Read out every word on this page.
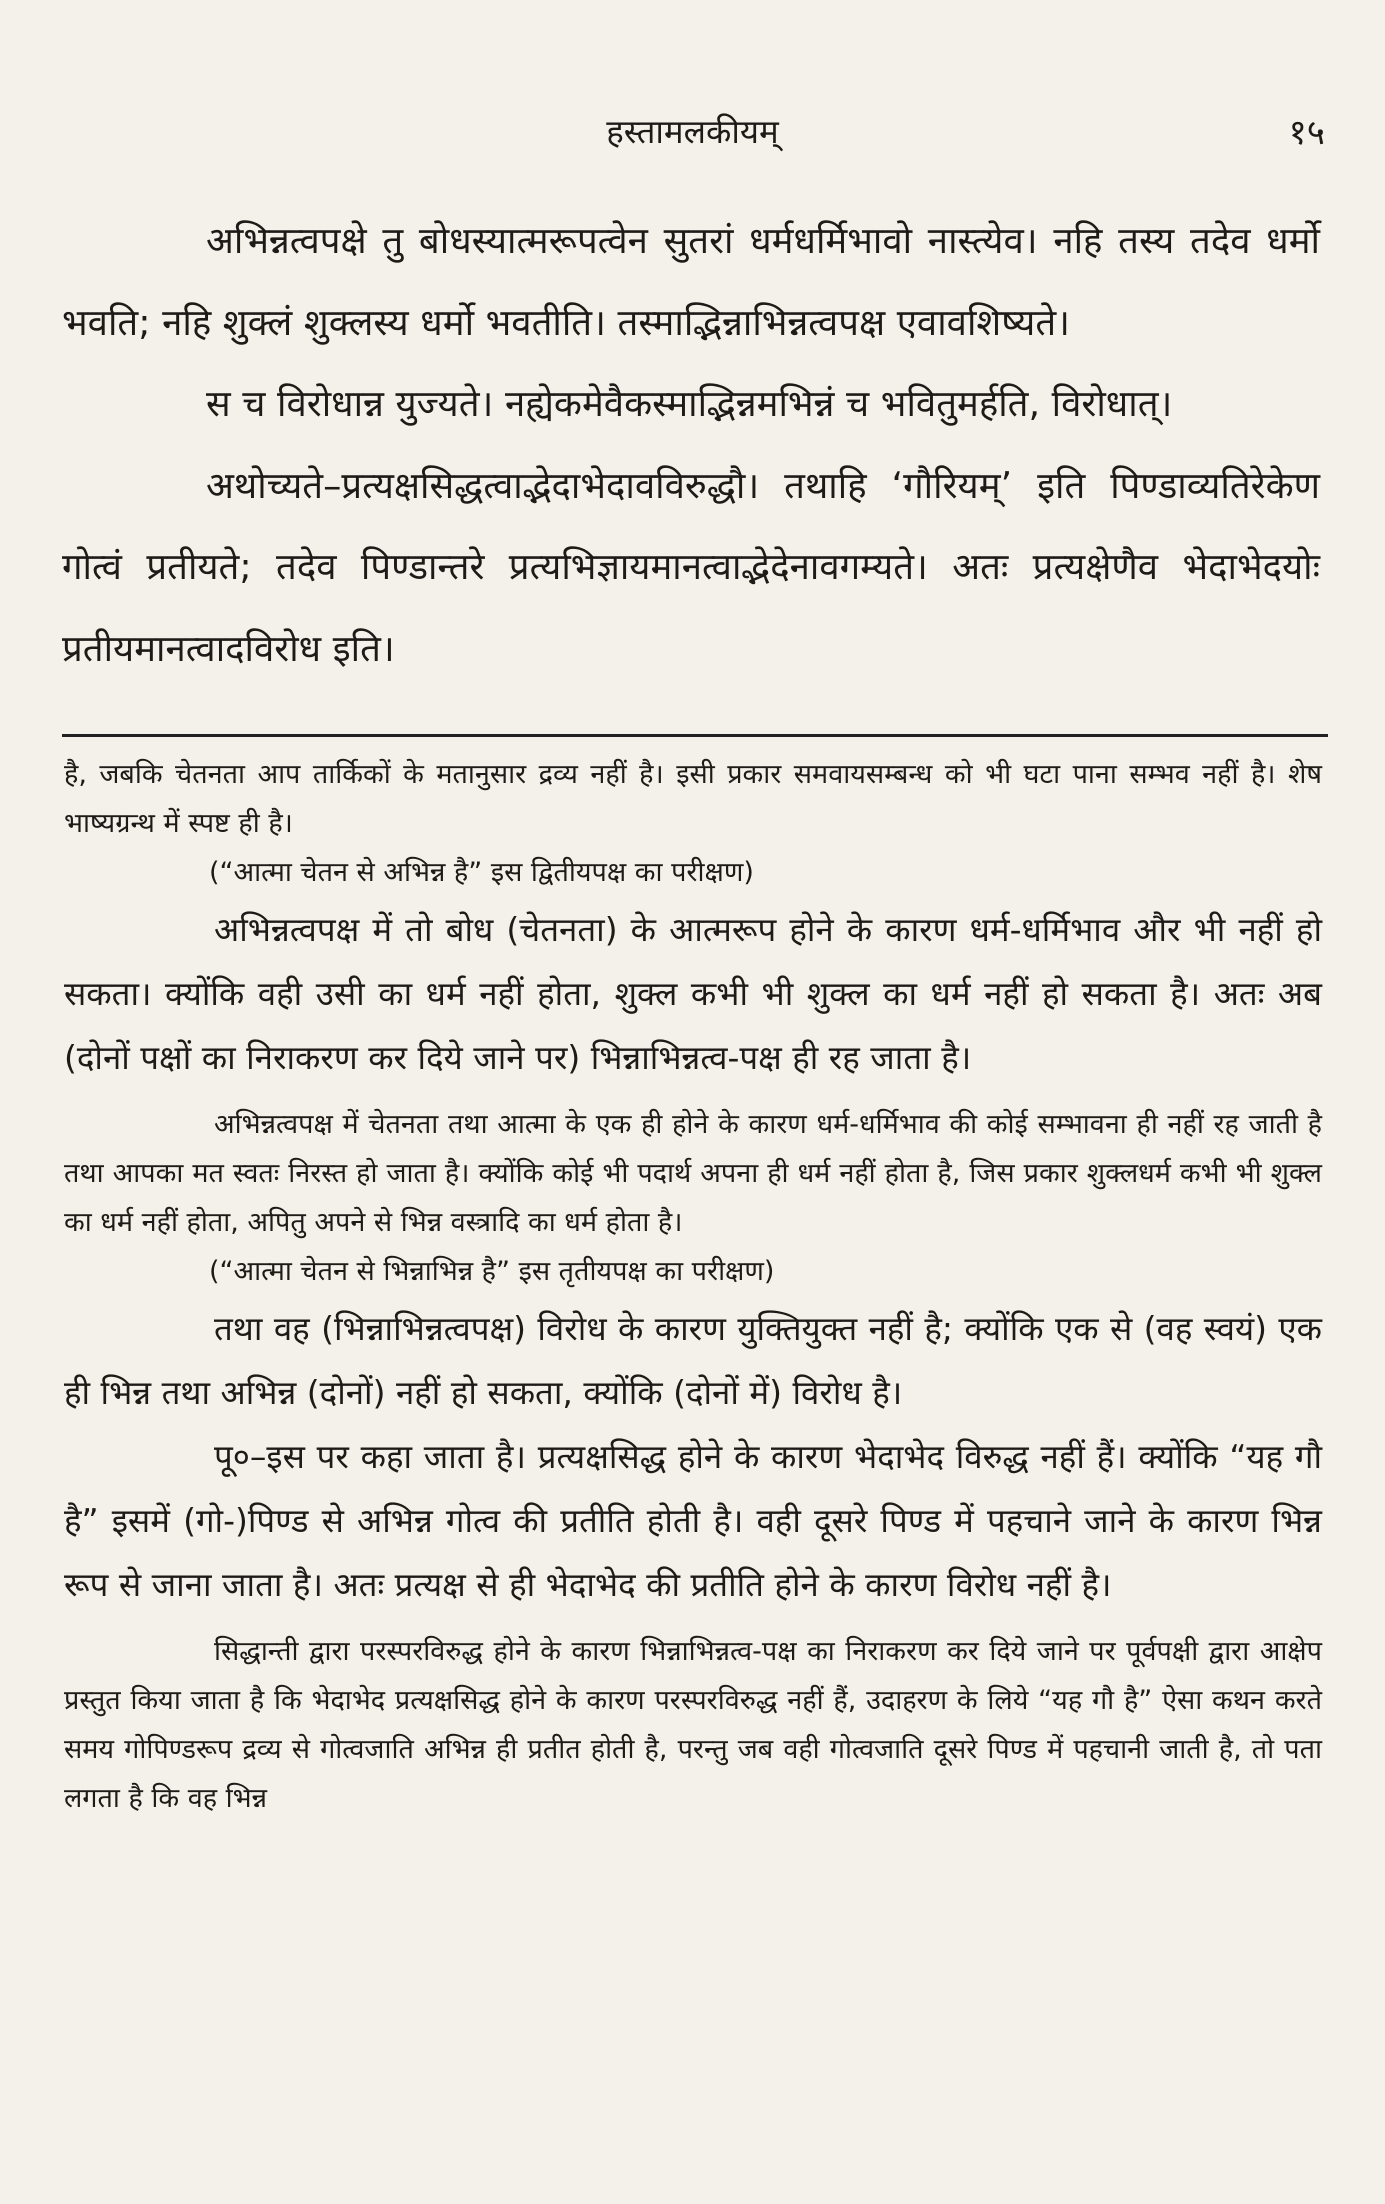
हस्तामलकीयम्	१५

अभिन्नत्वपक्षे तु बोधस्यात्मरूपत्वेन सुतरां धर्मधर्मिभावो नास्त्येव। नहि तस्य तदेव धर्मो भवति; नहि शुक्लं शुक्लस्य धर्मो भवतीति। तस्माद्भिन्नाभिन्नत्वपक्ष एवावशिष्यते।

स च विरोधान्न युज्यते। नह्येकमेवैकस्माद्भिन्नमभिन्नं च भवितुमर्हति, विरोधात्।

अथोच्यते–प्रत्यक्षसिद्धत्वाद्भेदाभेदावविरुद्धौ। तथाहि ‘गौरियम्’ इति पिण्डाव्यतिरेकेण गोत्वं प्रतीयते; तदेव पिण्डान्तरे प्रत्यभिज्ञायमानत्वाद्भेदेनावगम्यते। अतः प्रत्यक्षेणैव भेदाभेदयोः प्रतीयमानत्वादविरोध इति।

है, जबकि चेतनता आप तार्किकों के मतानुसार द्रव्य नहीं है। इसी प्रकार समवायसम्बन्ध को भी घटा पाना सम्भव नहीं है। शेष भाष्यग्रन्थ में स्पष्ट ही है।

(“आत्मा चेतन से अभिन्न है” इस द्वितीयपक्ष का परीक्षण)

अभिन्नत्वपक्ष में तो बोध (चेतनता) के आत्मरूप होने के कारण धर्म-धर्मिभाव और भी नहीं हो सकता। क्योंकि वही उसी का धर्म नहीं होता, शुक्ल कभी भी शुक्ल का धर्म नहीं हो सकता है। अतः अब (दोनों पक्षों का निराकरण कर दिये जाने पर) भिन्नाभिन्नत्व-पक्ष ही रह जाता है।

अभिन्नत्वपक्ष में चेतनता तथा आत्मा के एक ही होने के कारण धर्म-धर्मिभाव की कोई सम्भावना ही नहीं रह जाती है तथा आपका मत स्वतः निरस्त हो जाता है। क्योंकि कोई भी पदार्थ अपना ही धर्म नहीं होता है, जिस प्रकार शुक्लधर्म कभी भी शुक्ल का धर्म नहीं होता, अपितु अपने से भिन्न वस्त्रादि का धर्म होता है।

(“आत्मा चेतन से भिन्नाभिन्न है” इस तृतीयपक्ष का परीक्षण)

तथा वह (भिन्नाभिन्नत्वपक्ष) विरोध के कारण युक्तियुक्त नहीं है; क्योंकि एक से (वह स्वयं) एक ही भिन्न तथा अभिन्न (दोनों) नहीं हो सकता, क्योंकि (दोनों में) विरोध है।

पू०–इस पर कहा जाता है। प्रत्यक्षसिद्ध होने के कारण भेदाभेद विरुद्ध नहीं हैं। क्योंकि “यह गौ है” इसमें (गो-)पिण्ड से अभिन्न गोत्व की प्रतीति होती है। वही दूसरे पिण्ड में पहचाने जाने के कारण भिन्न रूप से जाना जाता है। अतः प्रत्यक्ष से ही भेदाभेद की प्रतीति होने के कारण विरोध नहीं है।

सिद्धान्ती द्वारा परस्परविरुद्ध होने के कारण भिन्नाभिन्नत्व-पक्ष का निराकरण कर दिये जाने पर पूर्वपक्षी द्वारा आक्षेप प्रस्तुत किया जाता है कि भेदाभेद प्रत्यक्षसिद्ध होने के कारण परस्परविरुद्ध नहीं हैं, उदाहरण के लिये “यह गौ है” ऐसा कथन करते समय गोपिण्डरूप द्रव्य से गोत्वजाति अभिन्न ही प्रतीत होती है, परन्तु जब वही गोत्वजाति दूसरे पिण्ड में पहचानी जाती है, तो पता लगता है कि वह भिन्न
